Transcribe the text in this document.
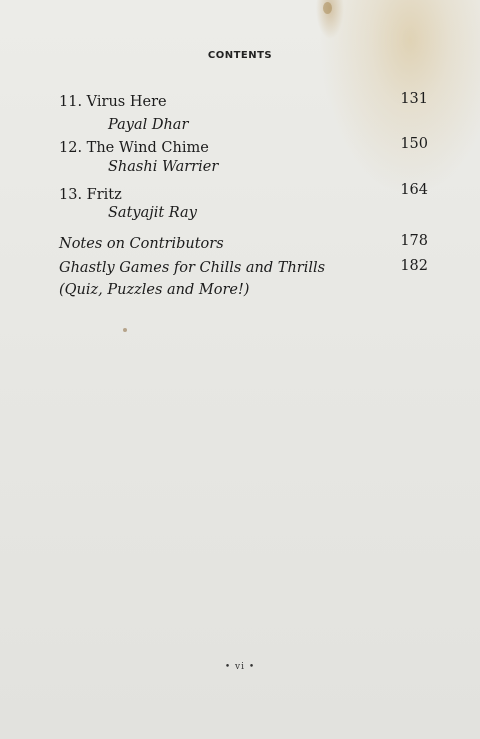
CONTENTS
11. Virus Here	131
Payal Dhar
12. The Wind Chime	150
Shashi Warrier
13. Fritz	164
Satyajit Ray
Notes on Contributors	178
Ghastly Games for Chills and Thrills	182
(Quiz, Puzzles and More!)
• vi •
